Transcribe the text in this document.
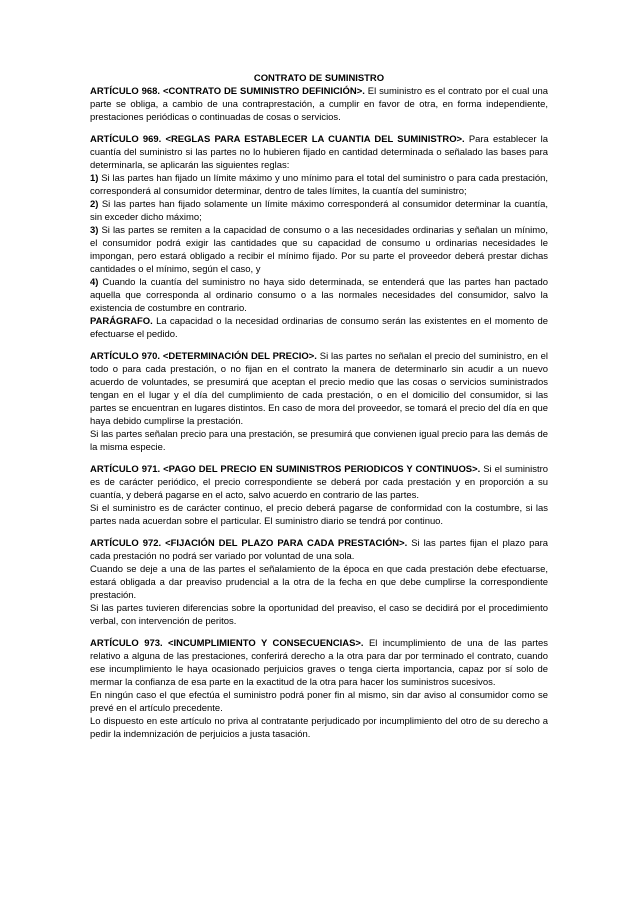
CONTRATO DE SUMINISTRO

ARTÍCULO 968. <CONTRATO DE SUMINISTRO DEFINICIÓN>. El suministro es el contrato por el cual una parte se obliga, a cambio de una contraprestación, a cumplir en favor de otra, en forma independiente, prestaciones periódicas o continuadas de cosas o servicios.

ARTÍCULO 969. <REGLAS PARA ESTABLECER LA CUANTIA DEL SUMINISTRO>. Para establecer la cuantía del suministro si las partes no lo hubieren fijado en cantidad determinada o señalado las bases para determinarla, se aplicarán las siguientes reglas:

1) Si las partes han fijado un límite máximo y uno mínimo para el total del suministro o para cada prestación, corresponderá al consumidor determinar, dentro de tales límites, la cuantía del suministro;

2) Si las partes han fijado solamente un límite máximo corresponderá al consumidor determinar la cuantía, sin exceder dicho máximo;

3) Si las partes se remiten a la capacidad de consumo o a las necesidades ordinarias y señalan un mínimo, el consumidor podrá exigir las cantidades que su capacidad de consumo u ordinarias necesidades le impongan, pero estará obligado a recibir el mínimo fijado. Por su parte el proveedor deberá prestar dichas cantidades o el mínimo, según el caso, y

4) Cuando la cuantía del suministro no haya sido determinada, se entenderá que las partes han pactado aquella que corresponda al ordinario consumo o a las normales necesidades del consumidor, salvo la existencia de costumbre en contrario.

PARÁGRAFO. La capacidad o la necesidad ordinarias de consumo serán las existentes en el momento de efectuarse el pedido.

ARTÍCULO 970. <DETERMINACIÓN DEL PRECIO>. Si las partes no señalan el precio del suministro, en el todo o para cada prestación, o no fijan en el contrato la manera de determinarlo sin acudir a un nuevo acuerdo de voluntades, se presumirá que aceptan el precio medio que las cosas o servicios suministrados tengan en el lugar y el día del cumplimiento de cada prestación, o en el domicilio del consumidor, si las partes se encuentran en lugares distintos. En caso de mora del proveedor, se tomará el precio del día en que haya debido cumplirse la prestación.

Si las partes señalan precio para una prestación, se presumirá que convienen igual precio para las demás de la misma especie.

ARTÍCULO 971. <PAGO DEL PRECIO EN SUMINISTROS PERIODICOS Y CONTINUOS>. Si el suministro es de carácter periódico, el precio correspondiente se deberá por cada prestación y en proporción a su cuantía, y deberá pagarse en el acto, salvo acuerdo en contrario de las partes.

Si el suministro es de carácter continuo, el precio deberá pagarse de conformidad con la costumbre, si las partes nada acuerdan sobre el particular. El suministro diario se tendrá por continuo.

ARTÍCULO 972. <FIJACIÓN DEL PLAZO PARA CADA PRESTACIÓN>. Si las partes fijan el plazo para cada prestación no podrá ser variado por voluntad de una sola.

Cuando se deje a una de las partes el señalamiento de la época en que cada prestación debe efectuarse, estará obligada a dar preaviso prudencial a la otra de la fecha en que debe cumplirse la correspondiente prestación.

Si las partes tuvieren diferencias sobre la oportunidad del preaviso, el caso se decidirá por el procedimiento verbal, con intervención de peritos.

ARTÍCULO 973. <INCUMPLIMIENTO Y CONSECUENCIAS>. El incumplimiento de una de las partes relativo a alguna de las prestaciones, conferirá derecho a la otra para dar por terminado el contrato, cuando ese incumplimiento le haya ocasionado perjuicios graves o tenga cierta importancia, capaz por sí solo de mermar la confianza de esa parte en la exactitud de la otra para hacer los suministros sucesivos.

En ningún caso el que efectúa el suministro podrá poner fin al mismo, sin dar aviso al consumidor como se prevé en el artículo precedente.

Lo dispuesto en este artículo no priva al contratante perjudicado por incumplimiento del otro de su derecho a pedir la indemnización de perjuicios a justa tasación.
